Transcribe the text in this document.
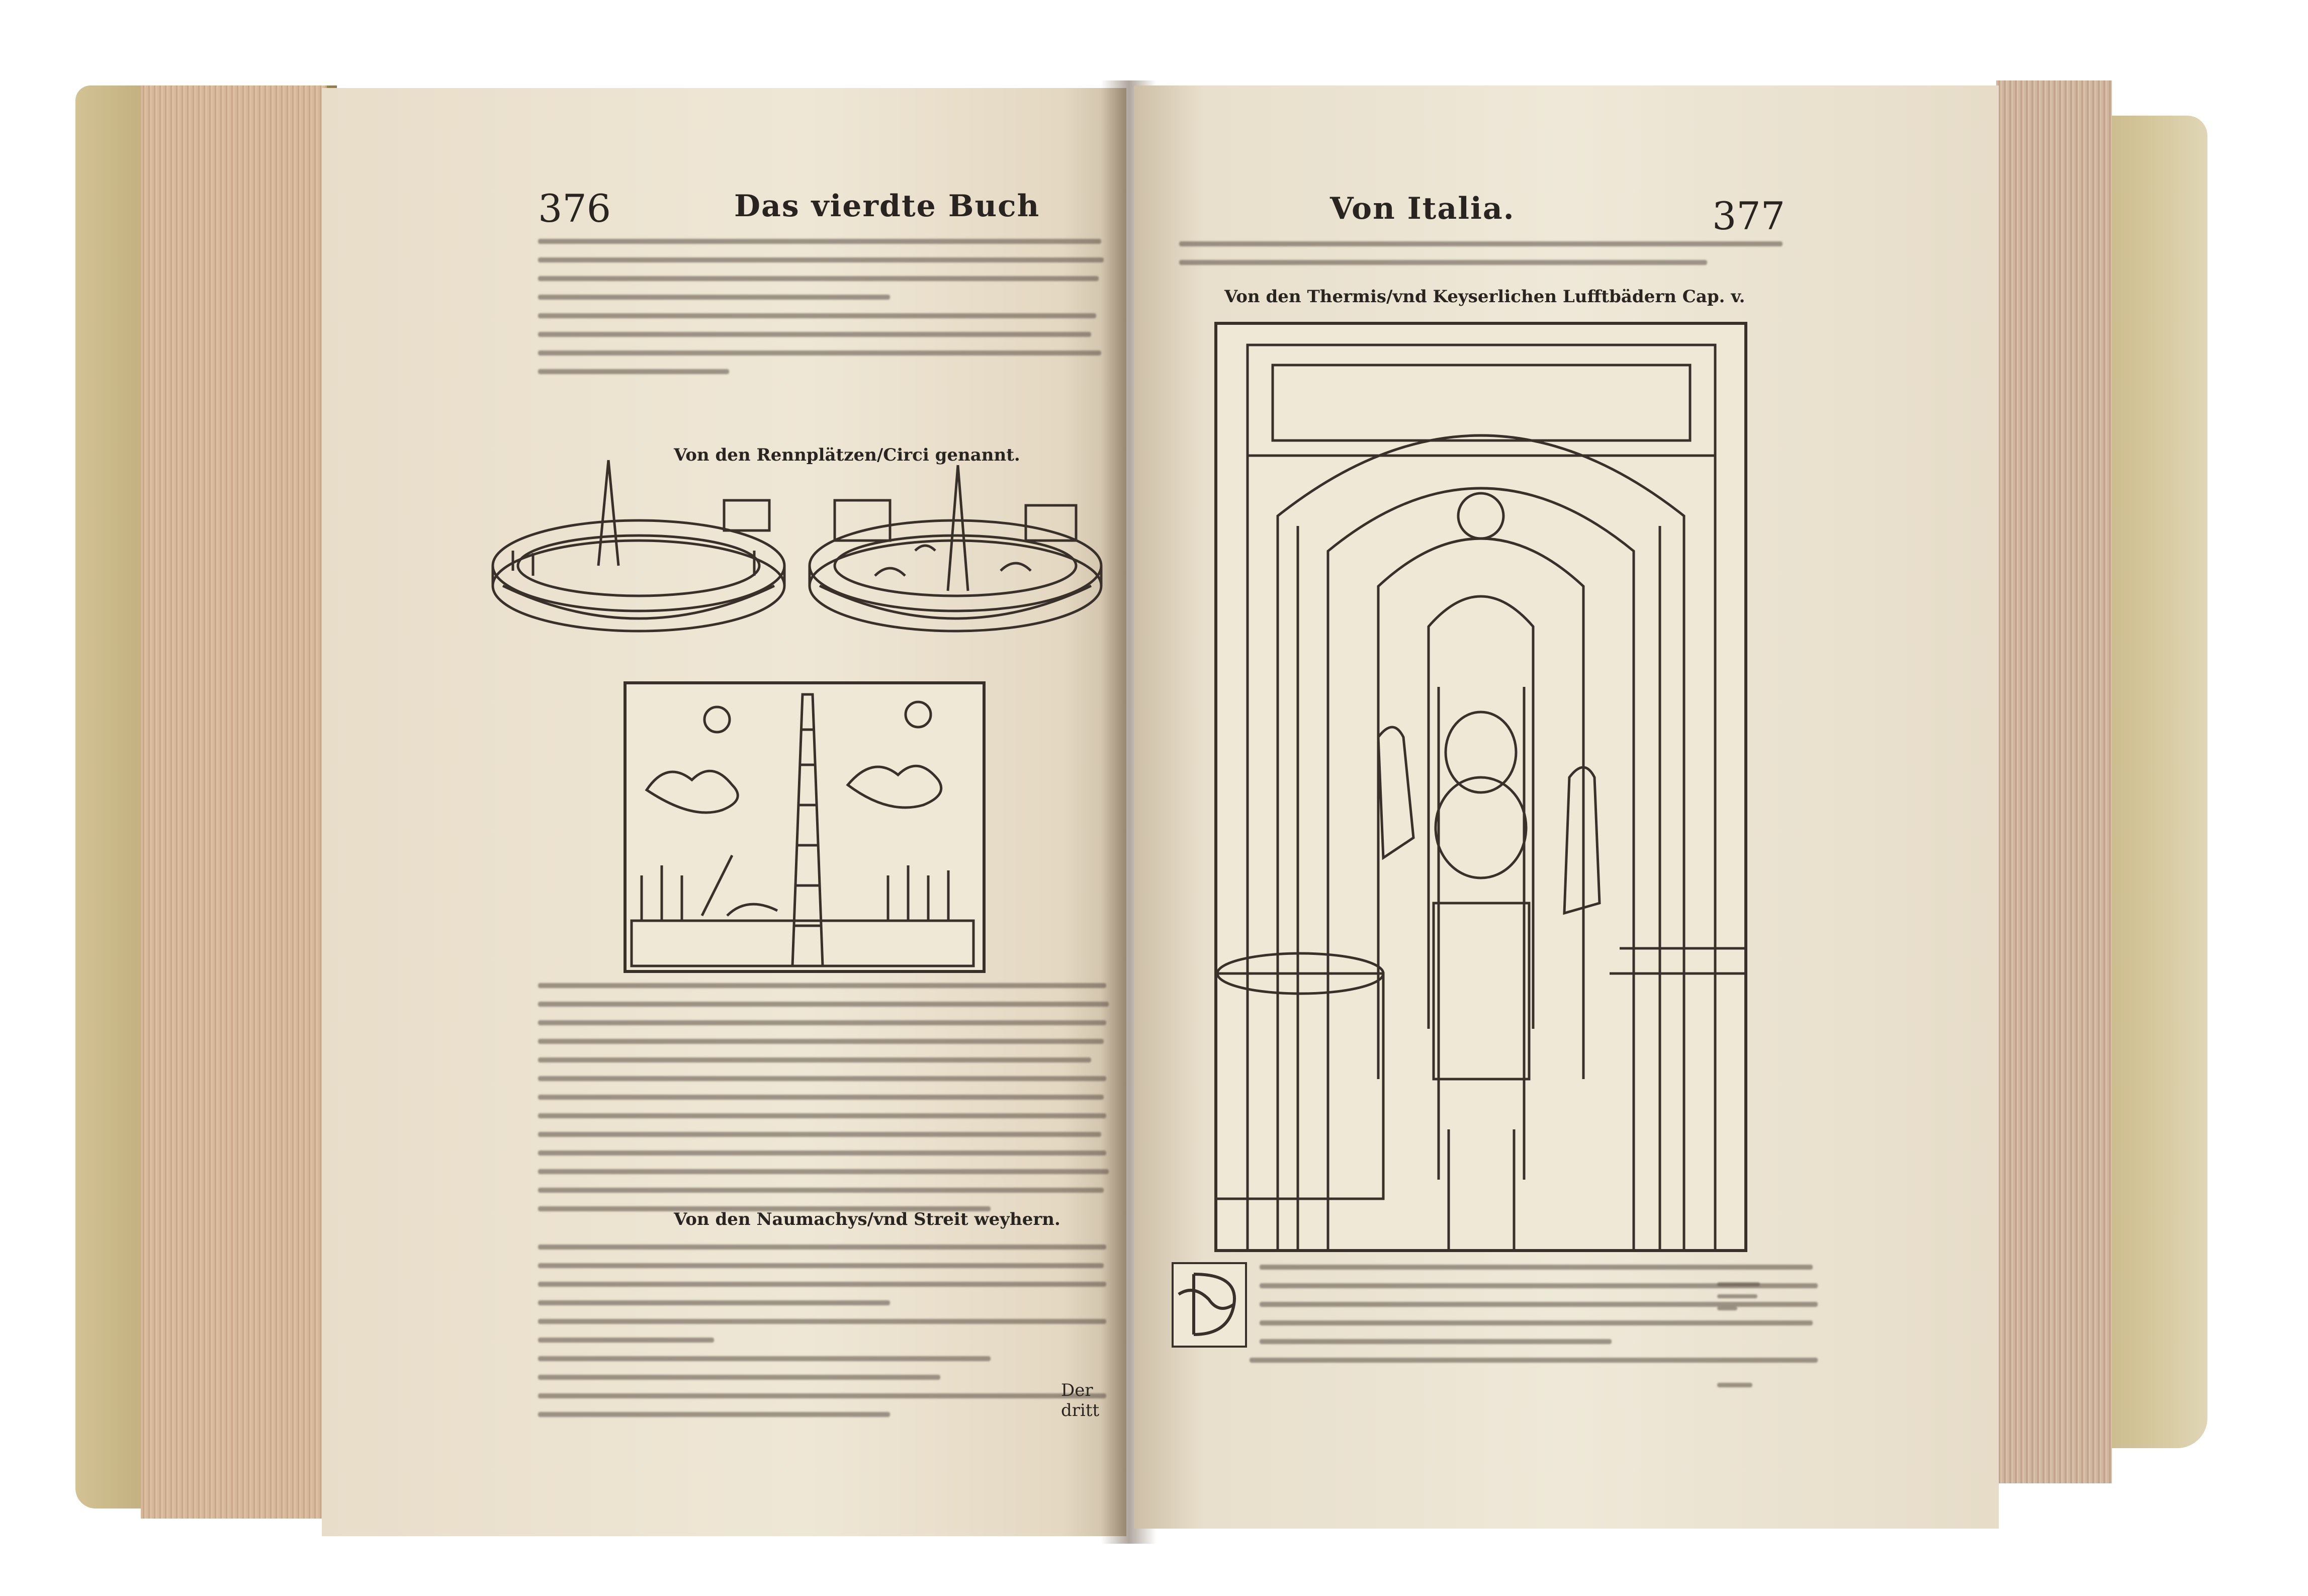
376	Das vierdte Buch
Von den Rennplätzen/Circi genannt.
Von den Naumachys/vnd Streit weyhern.
Der dritt
Von Italia.	377
Von den Thermis/vnd Keyserlichen Lufftbädern Cap. v.
